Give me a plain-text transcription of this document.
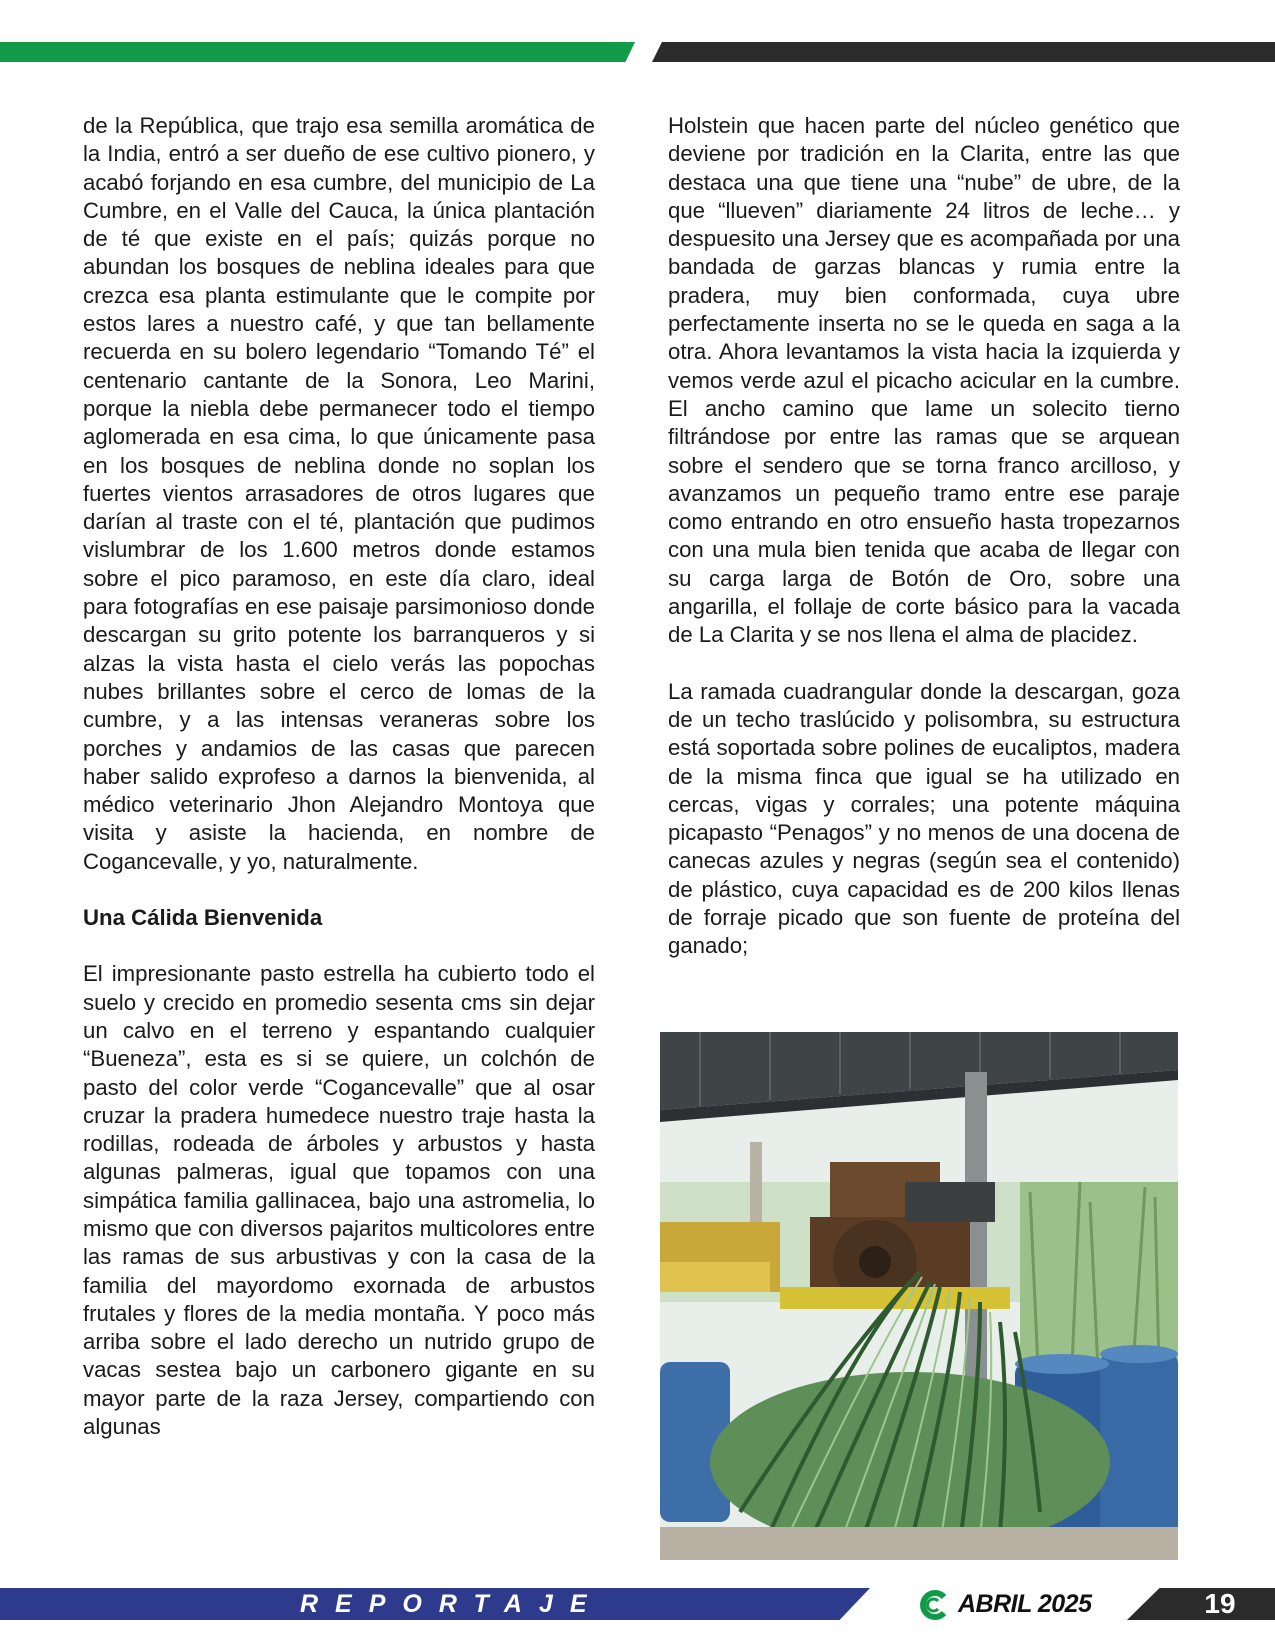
de la República, que trajo esa semilla aromática de la India, entró a ser dueño de ese cultivo pionero, y acabó forjando en esa cumbre, del municipio de La Cumbre, en el Valle del Cauca, la única plantación de té que existe en el país; quizás porque no abundan los bosques de neblina ideales para que crezca esa planta estimulante que le compite por estos lares a nuestro café, y que tan bellamente recuerda en su bolero legendario “Tomando Té” el centenario cantante de la Sonora, Leo Marini, porque la niebla debe permanecer todo el tiempo aglomerada en esa cima, lo que únicamente pasa en los bosques de neblina donde no soplan los fuertes vientos arrasadores de otros lugares que darían al traste con el té, plantación que pudimos vislumbrar de los 1.600 metros donde estamos sobre el pico paramoso, en este día claro, ideal para fotografías en ese paisaje parsimonioso donde descargan su grito potente los barranqueros y si alzas la vista hasta el cielo verás las popochas nubes brillantes sobre el cerco de lomas de la cumbre, y a las intensas veraneras sobre los porches y andamios de las casas que parecen haber salido exprofeso a darnos la bienvenida, al médico veterinario Jhon Alejandro Montoya que visita y asiste la hacienda, en nombre de Cogancevalle, y yo, naturalmente.

Una Cálida Bienvenida

El impresionante pasto estrella ha cubierto todo el suelo y crecido en promedio sesenta cms sin dejar un calvo en el terreno y espantando cualquier “Bueneza”, esta es si se quiere, un colchón de pasto del color verde “Cogancevalle” que al osar cruzar la pradera humedece nuestro traje hasta la rodillas, rodeada de árboles y arbustos y hasta algunas palmeras, igual que topamos con una simpática familia gallinacea, bajo una astromelia, lo mismo que con diversos pajaritos multicolores entre las ramas de sus arbustivas y con la casa de la familia del mayordomo exornada de arbustos frutales y flores de la media montaña. Y poco más arriba sobre el lado derecho un nutrido grupo de vacas sestea bajo un carbonero gigante en su mayor parte de la raza Jersey, compartiendo con algunas

Holstein que hacen parte del núcleo genético que deviene por tradición en la Clarita, entre las que destaca una que tiene una “nube” de ubre, de la que “llueven” diariamente 24 litros de leche… y despuesito una Jersey que es acompañada por una bandada de garzas blancas y rumia entre la pradera, muy bien conformada, cuya ubre perfectamente inserta no se le queda en saga a la otra. Ahora levantamos la vista hacia la izquierda y vemos verde azul el picacho acicular en la cumbre. El ancho camino que lame un solecito tierno filtrándose por entre las ramas que se arquean sobre el sendero que se torna franco arcilloso, y avanzamos un pequeño tramo entre ese paraje como entrando en otro ensueño hasta tropezarnos con una mula bien tenida que acaba de llegar con su carga larga de Botón de Oro, sobre una angarilla, el follaje de corte básico para la vacada de La Clarita y se nos llena el alma de placidez.

La ramada cuadrangular donde la descargan, goza de un techo traslúcido y polisombra, su estructura está soportada sobre polines de eucaliptos, madera de la misma finca que igual se ha utilizado en cercas, vigas y corrales; una potente máquina picapasto “Penagos” y no menos de una docena de canecas azules y negras (según sea el contenido) de plástico, cuya capacidad es de 200 kilos llenas de forraje picado que son fuente de proteína del ganado;

REPORTAJE	ABRIL 2025	19
